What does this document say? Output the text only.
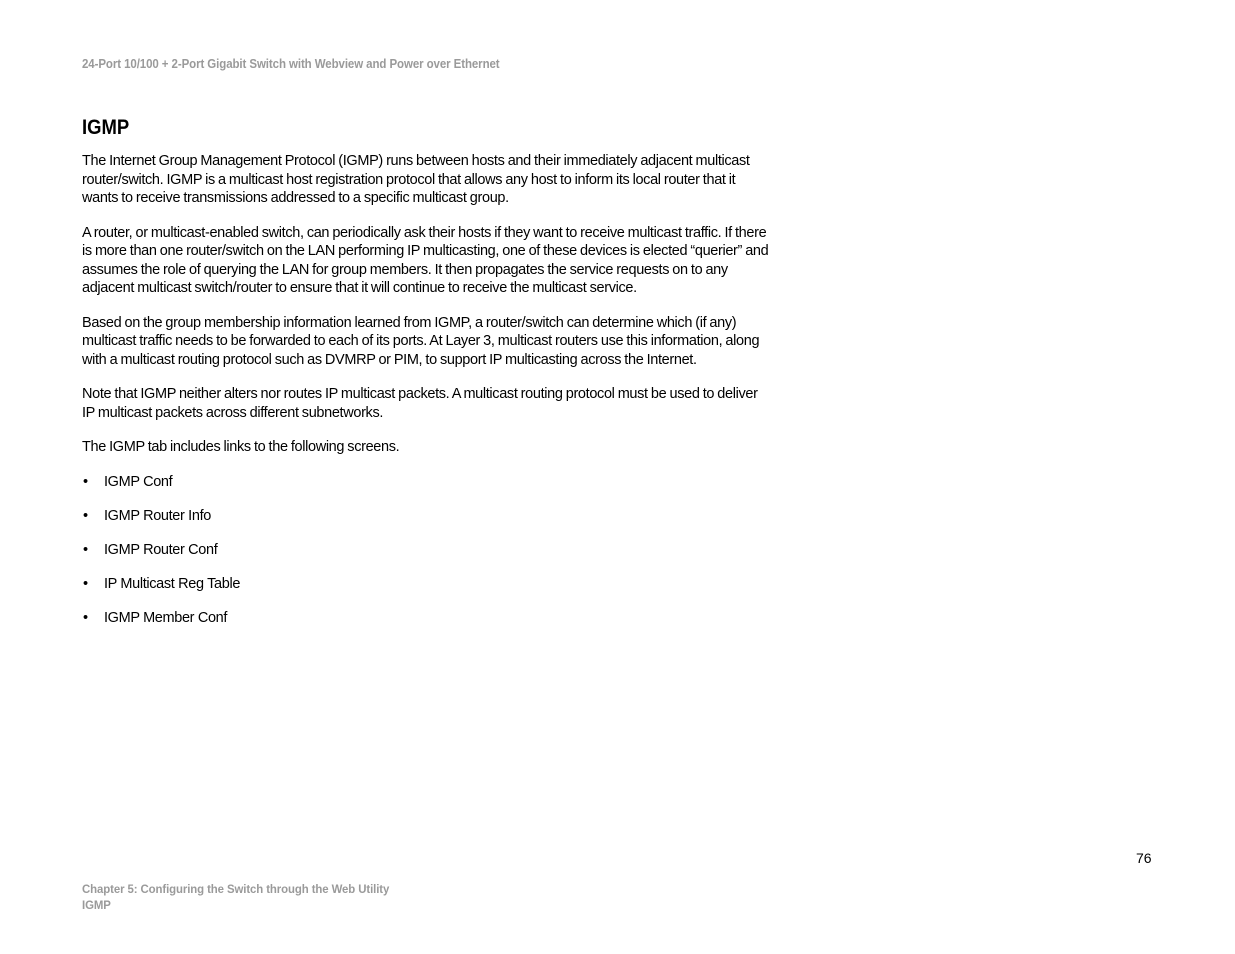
24-Port 10/100 + 2-Port Gigabit Switch with Webview and Power over Ethernet
IGMP

The Internet Group Management Protocol (IGMP) runs between hosts and their immediately adjacent multicast router/switch. IGMP is a multicast host registration protocol that allows any host to inform its local router that it wants to receive transmissions addressed to a specific multicast group.

A router, or multicast-enabled switch, can periodically ask their hosts if they want to receive multicast traffic. If there is more than one router/switch on the LAN performing IP multicasting, one of these devices is elected “querier” and assumes the role of querying the LAN for group members. It then propagates the service requests on to any adjacent multicast switch/router to ensure that it will continue to receive the multicast service.

Based on the group membership information learned from IGMP, a router/switch can determine which (if any) multicast traffic needs to be forwarded to each of its ports. At Layer 3, multicast routers use this information, along with a multicast routing protocol such as DVMRP or PIM, to support IP multicasting across the Internet.

Note that IGMP neither alters nor routes IP multicast packets. A multicast routing protocol must be used to deliver IP multicast packets across different subnetworks.

The IGMP tab includes links to the following screens.

• IGMP Conf
• IGMP Router Info
• IGMP Router Conf
• IP Multicast Reg Table
• IGMP Member Conf
76
Chapter 5: Configuring the Switch through the Web Utility
IGMP
